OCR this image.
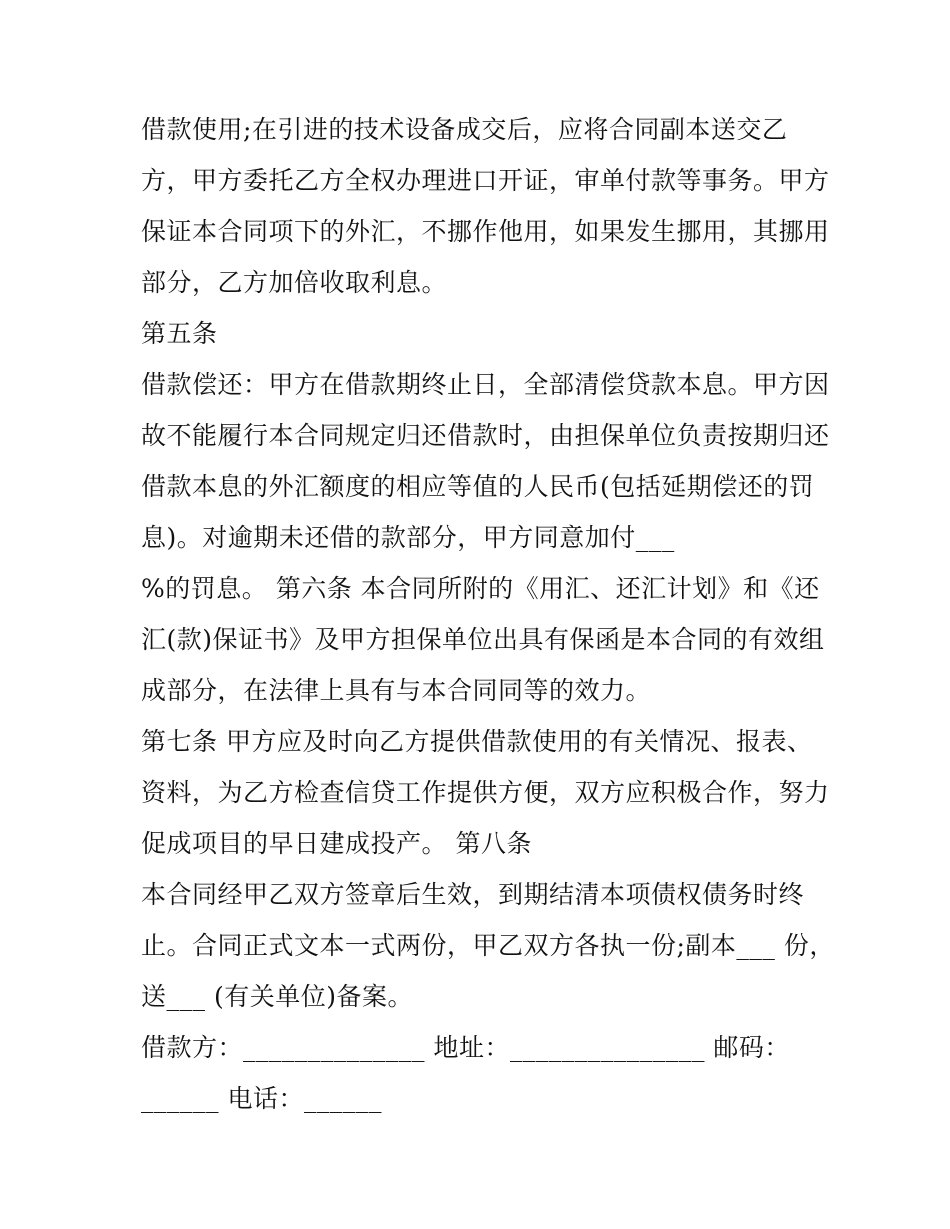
借款使用;在引进的技术设备成交后，应将合同副本送交乙
方，甲方委托乙方全权办理进口开证，审单付款等事务。甲方
保证本合同项下的外汇，不挪作他用，如果发生挪用，其挪用
部分，乙方加倍收取利息。
第五条
借款偿还：甲方在借款期终止日，全部清偿贷款本息。甲方因
故不能履行本合同规定归还借款时，由担保单位负责按期归还
借款本息的外汇额度的相应等值的人民币(包括延期偿还的罚
息)。对逾期未还借的款部分，甲方同意加付___
%的罚息。 第六条 本合同所附的《用汇、还汇计划》和《还
汇(款)保证书》及甲方担保单位出具有保函是本合同的有效组
成部分，在法律上具有与本合同同等的效力。
第七条 甲方应及时向乙方提供借款使用的有关情况、报表、
资料，为乙方检查信贷工作提供方便，双方应积极合作，努力
促成项目的早日建成投产。 第八条
本合同经甲乙双方签章后生效，到期结清本项债权债务时终
止。合同正式文本一式两份，甲乙双方各执一份;副本___ 份，
送___ (有关单位)备案。
借款方：______________ 地址：_______________ 邮码：
______ 电话：______
